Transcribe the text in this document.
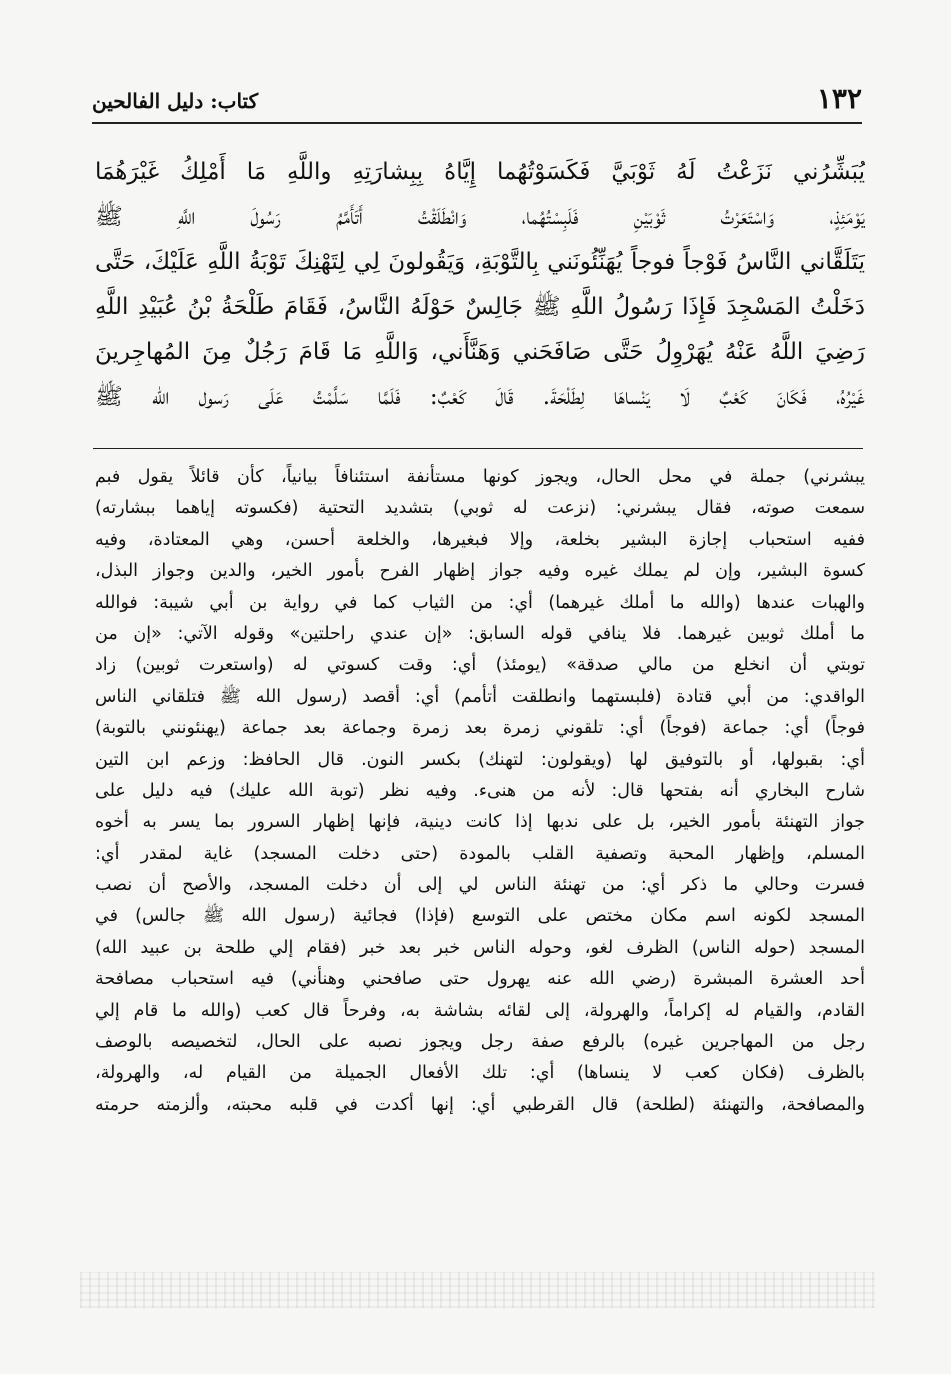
١٣٢
كتاب: دليل الفالحين
يُبَشِّرُني نَزَعْتُ لَهُ ثَوْبَيَّ فَكَسَوْتُهُما إِيَّاهُ بِبِشارَتِهِ واللَّهِ مَا أَمْلِكُ غَيْرَهُمَا
يَوْمَئِذٍ، وَاسْتَعَرْتُ ثَوْبَيْنِ فَلَبِسْتُهُما، وَانْطَلَقْتُ أَتَأَمَّمُ رَسُولَ اللَّهِ ﷺ
يَتَلَقَّاني النَّاسُ فَوْجاً فوجاً يُهَنِّئُونَني بِالتَّوْبَةِ، وَيَقُولونَ لِي لِتَهْنِكَ تَوْبَةُ اللَّهِ عَلَيْكَ، حَتَّى
دَخَلْتُ المَسْجِدَ فَإِذَا رَسُولُ اللَّهِ ﷺ جَالِسٌ حَوْلَهُ النَّاسُ، فَقَامَ طَلْحَةُ بْنُ عُبَيْدِ اللَّهِ
رَضِيَ اللَّهُ عَنْهُ يُهَرْوِلُ حَتَّى صَافَحَني وَهَنَّأَني، وَاللَّهِ مَا قَامَ رَجُلٌ مِنَ المُهاجِرينَ
غَيْرُهُ، فَكَانَ كَعْبٌ لَا يَنْساهَا لِطَلْحَةَ. قَالَ كَعْبٌ: فَلَمَّا سَلَّمْتُ عَلَى رَسول الله ﷺ
يبشرني) جملة في محل الحال، ويجوز كونها مستأنفة استئنافاً بيانياً، كأن قائلاً يقول فبم
سمعت صوته، فقال يبشرني: (نزعت له ثوبي) بتشديد التحتية (فكسوته إياهما ببشارته)
ففيه استحباب إجازة البشير بخلعة، وإلا فبغيرها، والخلعة أحسن، وهي المعتادة، وفيه
كسوة البشير، وإن لم يملك غيره وفيه جواز إظهار الفرح بأمور الخير، والدين وجواز البذل،
والهبات عندها (والله ما أملك غيرهما) أي: من الثياب كما في رواية بن أبي شيبة: فوالله
ما أملك ثوبين غيرهما. فلا ينافي قوله السابق: «إن عندي راحلتين» وقوله الآتي: «إن من
توبتي أن انخلع من مالي صدقة» (يومئذ) أي: وقت كسوتي له (واستعرت ثوبين) زاد
الواقدي: من أبي قتادة (فلبستهما وانطلقت أتأمم) أي: أقصد (رسول الله ﷺ فتلقاني الناس
فوجاً) أي: جماعة (فوجاً) أي: تلقوني زمرة بعد زمرة وجماعة بعد جماعة (يهنئونني بالتوبة)
أي: بقبولها، أو بالتوفيق لها (ويقولون: لتهنك) بكسر النون. قال الحافظ: وزعم ابن التين
شارح البخاري أنه بفتحها قال: لأنه من هنىء. وفيه نظر (توبة الله عليك) فيه دليل على
جواز التهنئة بأمور الخير، بل على ندبها إذا كانت دينية، فإنها إظهار السرور بما يسر به أخوه
المسلم، وإظهار المحبة وتصفية القلب بالمودة (حتى دخلت المسجد) غاية لمقدر أي:
فسرت وحالي ما ذكر أي: من تهنئة الناس لي إلى أن دخلت المسجد، والأصح أن نصب
المسجد لكونه اسم مكان مختص على التوسع (فإذا) فجائية (رسول الله ﷺ جالس) في
المسجد (حوله الناس) الظرف لغو، وحوله الناس خبر بعد خبر (فقام إلي طلحة بن عبيد الله)
أحد العشرة المبشرة (رضي الله عنه يهرول حتى صافحني وهنأني) فيه استحباب مصافحة
القادم، والقيام له إكراماً، والهرولة، إلى لقائه بشاشة به، وفرحاً قال كعب (والله ما قام إلي
رجل من المهاجرين غيره) بالرفع صفة رجل ويجوز نصبه على الحال، لتخصيصه بالوصف
بالظرف (فكان كعب لا ينساها) أي: تلك الأفعال الجميلة من القيام له، والهرولة،
والمصافحة، والتهنئة (لطلحة) قال القرطبي أي: إنها أكدت في قلبه محبته، وألزمته حرمته
